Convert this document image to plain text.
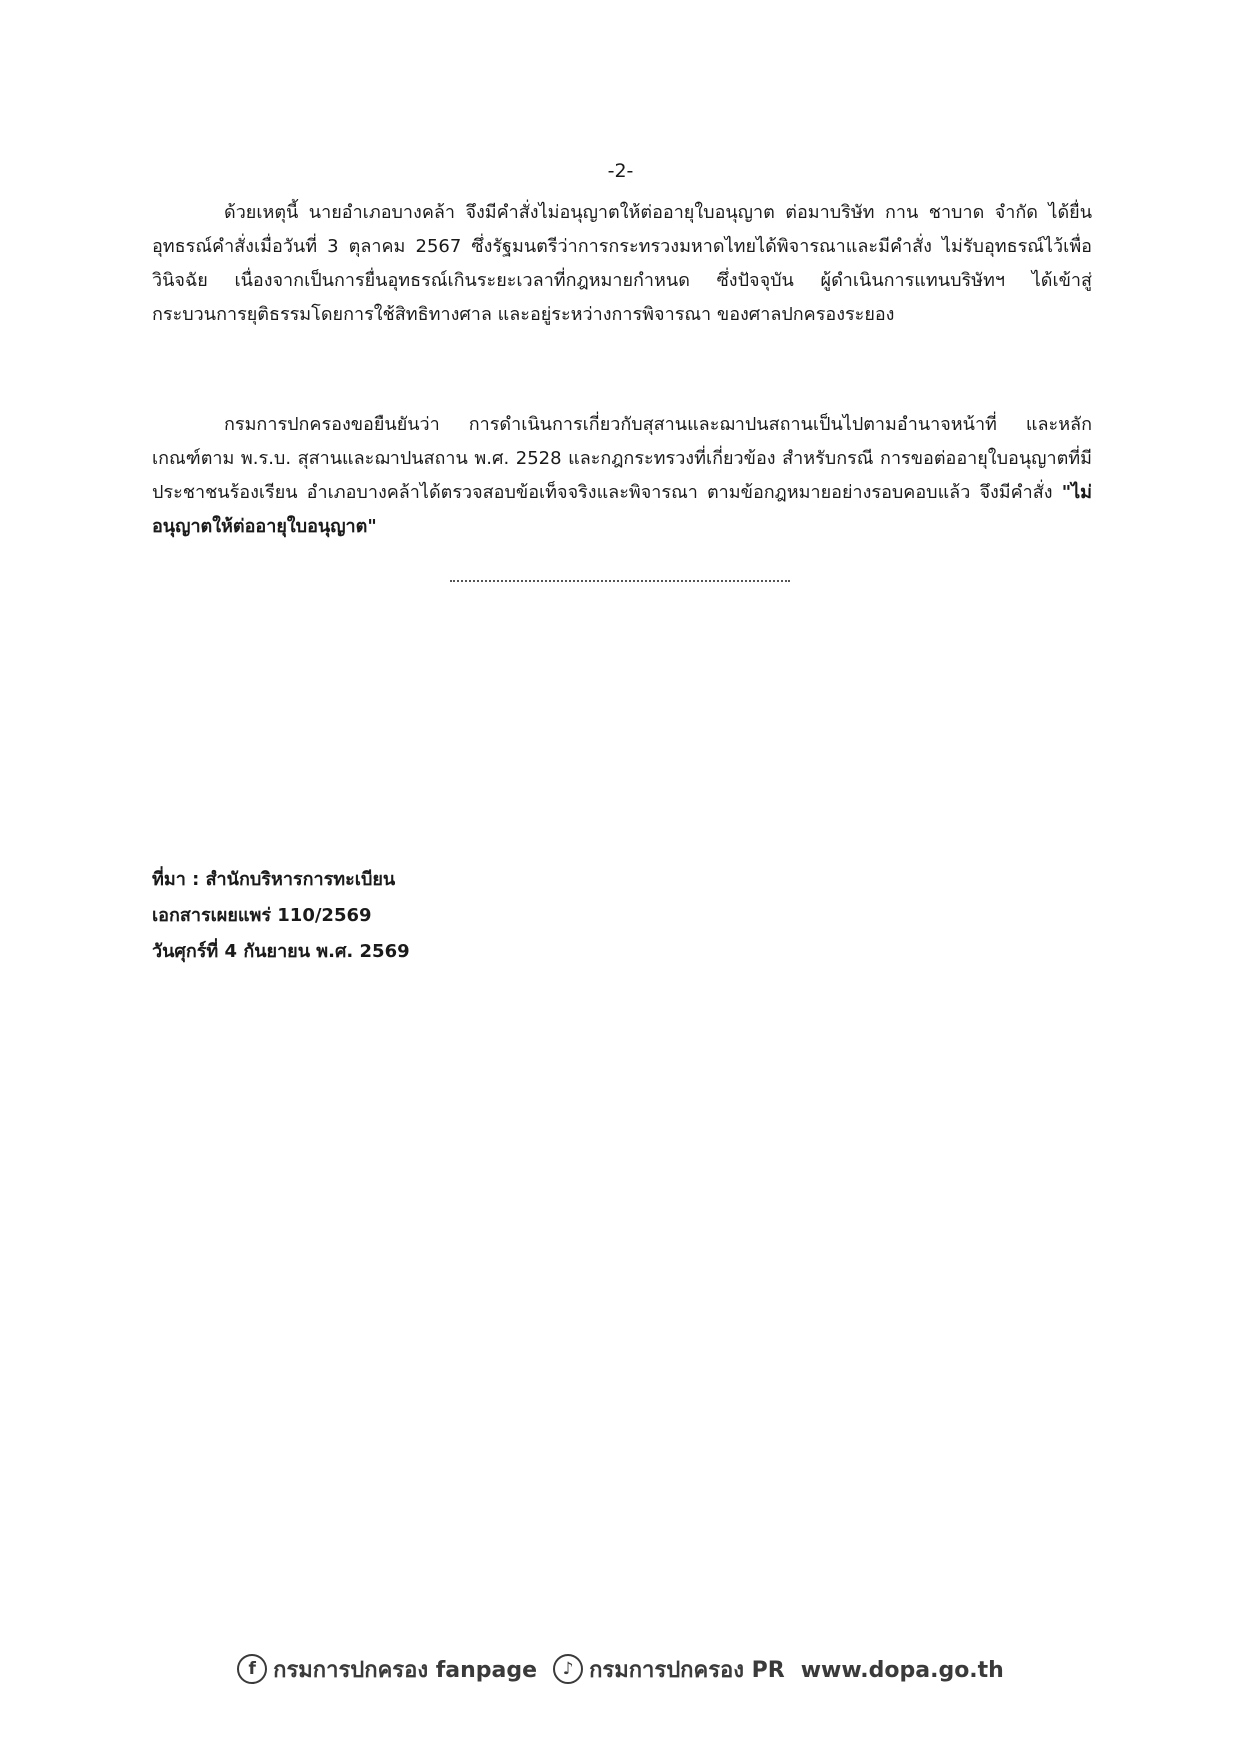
-2-

ด้วยเหตุนี้ นายอำเภอบางคล้า จึงมีคำสั่งไม่อนุญาตให้ต่ออายุใบอนุญาต ต่อมาบริษัท กาน ชาบาด จำกัด ได้ยื่นอุทธรณ์คำสั่งเมื่อวันที่ 3 ตุลาคม 2567 ซึ่งรัฐมนตรีว่าการกระทรวงมหาดไทยได้พิจารณาและมีคำสั่ง ไม่รับอุทธรณ์ไว้เพื่อวินิจฉัย เนื่องจากเป็นการยื่นอุทธรณ์เกินระยะเวลาที่กฎหมายกำหนด ซึ่งปัจจุบัน ผู้ดำเนินการแทนบริษัทฯ ได้เข้าสู่กระบวนการยุติธรรมโดยการใช้สิทธิทางศาล และอยู่ระหว่างการพิจารณา ของศาลปกครองระยอง

กรมการปกครองขอยืนยันว่า การดำเนินการเกี่ยวกับสุสานและฌาปนสถานเป็นไปตามอำนาจหน้าที่ และหลักเกณฑ์ตาม พ.ร.บ. สุสานและฌาปนสถาน พ.ศ. 2528 และกฎกระทรวงที่เกี่ยวข้อง สำหรับกรณี การขอต่ออายุใบอนุญาตที่มีประชาชนร้องเรียน อำเภอบางคล้าได้ตรวจสอบข้อเท็จจริงและพิจารณา ตามข้อกฎหมายอย่างรอบคอบแล้ว จึงมีคำสั่ง "ไม่อนุญาตให้ต่ออายุใบอนุญาต"

ที่มา : สำนักบริหารการทะเบียน
เอกสารเผยแพร่ 110/2569
วันศุกร์ที่ 4 กันยายน พ.ศ. 2569
f กรมการปกครอง fanpage ♪ กรมการปกครอง PR www.dopa.go.th
